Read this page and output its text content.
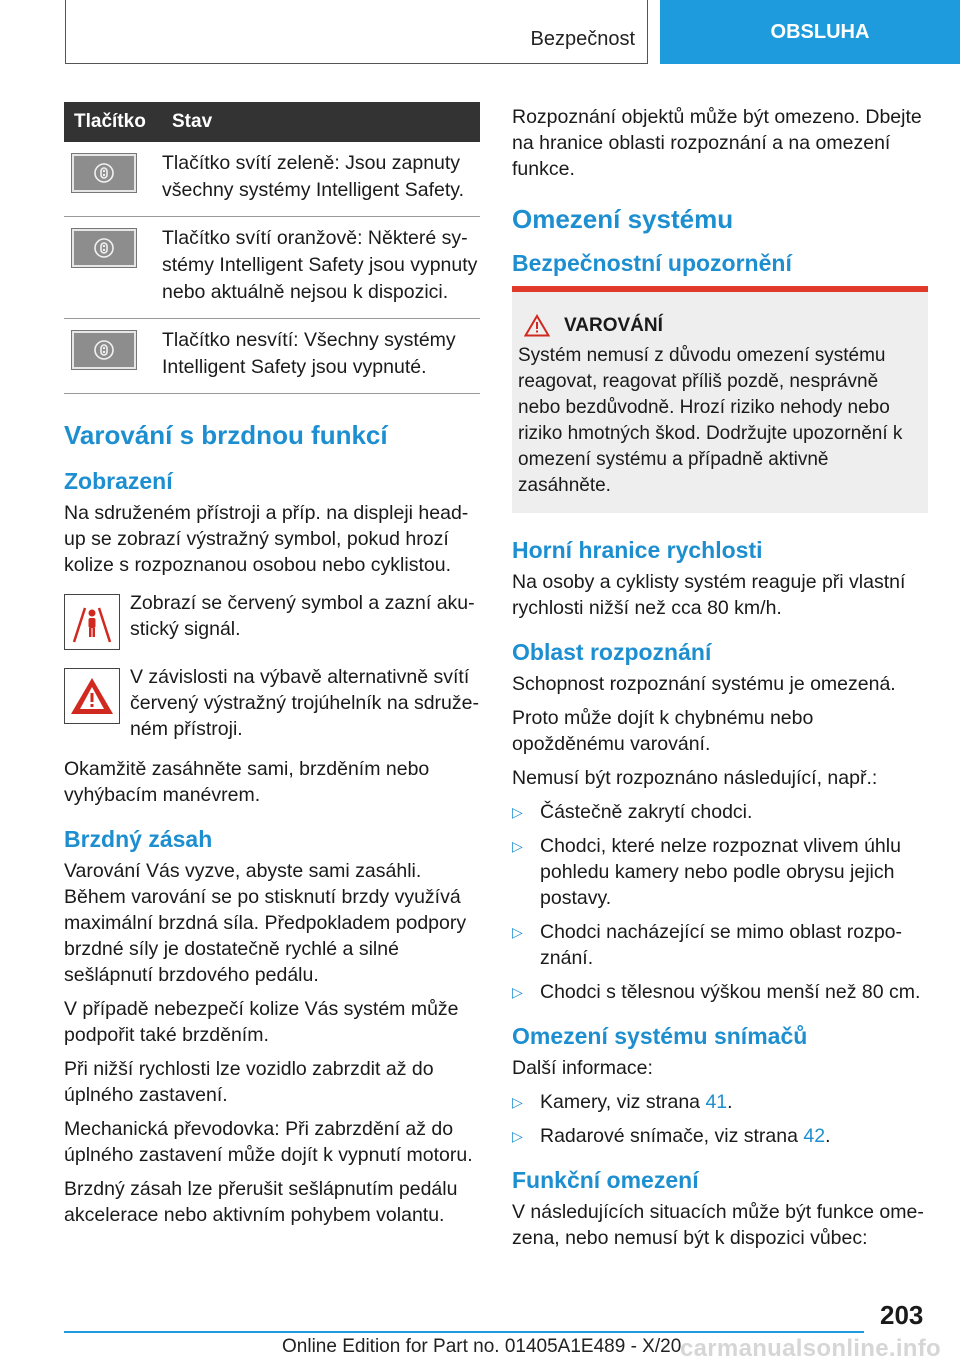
Bezpečnost	OBSLUHA
Tlačítko	Stav

	Tlačítko svítí zeleně: Jsou zapnuty všechny systémy Intelligent Safety.

	Tlačítko svítí oranžově: Některé systémy Intelligent Safety jsou vypnuty nebo aktuálně nejsou k dispozici.

	Tlačítko nesvítí: Všechny systémy Intelligent Safety jsou vypnuté.
Varování s brzdnou funkcí
Zobrazení

Na sdruženém přístroji a příp. na displeji head-up se zobrazí výstražný symbol, pokud hrozí kolize s rozpoznanou osobou nebo cyklistou.

Zobrazí se červený symbol a zazní akustický signál.

V závislosti na výbavě alternativně svítí červený výstražný trojúhelník na sdruženém přístroji.

Okamžitě zasáhněte sami, brzděním nebo vyhýbacím manévrem.

Brzdný zásah

Varování Vás vyzve, abyste sami zasáhli. Během varování se po stisknutí brzdy využívá maximální brzdná síla. Předpokladem podpory brzdné síly je dostatečně rychlé a silné sešlápnutí brzdového pedálu.

V případě nebezpečí kolize Vás systém může podpořit také brzděním.

Při nižší rychlosti lze vozidlo zabrzdit až do úplného zastavení.

Mechanická převodovka: Při zabrzdění až do úplného zastavení může dojít k vypnutí motoru.

Brzdný zásah lze přerušit sešlápnutím pedálu akcelerace nebo aktivním pohybem volantu.

Rozpoznání objektů může být omezeno. Dbejte na hranice oblasti rozpoznání a na omezení funkce.

Omezení systému
Bezpečnostní upozornění
VAROVÁNÍ

Systém nemusí z důvodu omezení systému reagovat, reagovat příliš pozdě, nesprávně nebo bezdůvodně. Hrozí riziko nehody nebo riziko hmotných škod. Dodržujte upozornění k omezení systému a případně aktivně zasáhněte.

Horní hranice rychlosti

Na osoby a cyklisty systém reaguje při vlastní rychlosti nižší než cca 80 km/h.

Oblast rozpoznání

Schopnost rozpoznání systému je omezená.

Proto může dojít k chybnému nebo opožděnému varování.

Nemusí být rozpoznáno následující, např.:

▷ Částečně zakrytí chodci.
▷ Chodci, které nelze rozpoznat vlivem úhlu pohledu kamery nebo podle obrysu jejich postavy.
▷ Chodci nacházející se mimo oblast rozpoznání.
▷ Chodci s tělesnou výškou menší než 80 cm.
Omezení systému snímačů

Další informace:

▷ Kamery, viz strana 41.
▷ Radarové snímače, viz strana 42.
Funkční omezení

V následujících situacích může být funkce omezena, nebo nemusí být k dispozici vůbec:

203
Online Edition for Part no. 01405A1E489 - X/20
carmanualsonline.info
